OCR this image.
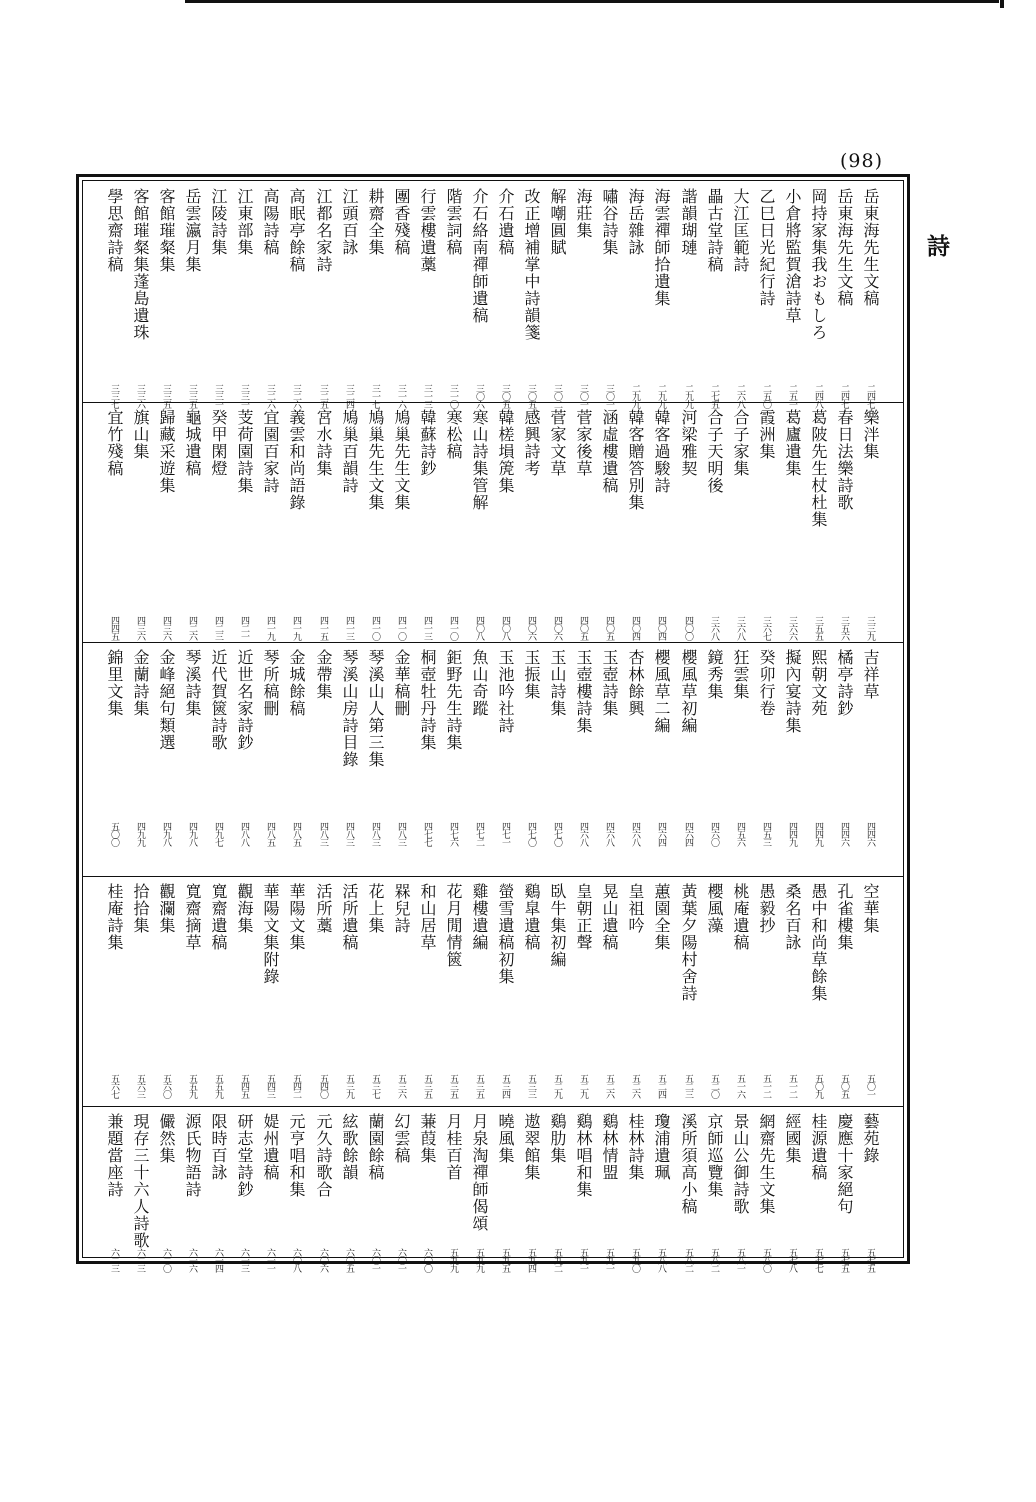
(98)
詩
岳東海先生文稿
二四七
岳東海先生文稿
二四七
岡持家集我おもしろ
二四八
小倉將監賀滄詩草
二五一
乙巳日光紀行詩
二五〇
大江匡範詩
二六八
畾古堂詩稿
二七五
諧韻瑚璉
二九九
海雲禪師拾遺集
二九九
海岳雜詠
二九九
嘯谷詩集
三〇一
海莊集
三〇一
解嘲圓賦
三〇二
改正增補掌中詩韻箋
三〇五
介石遺稿
三〇五
介石絡南禪師遺稿
三〇六
階雲詞稿
三一〇
行雲樓遺藁
三一三
團香殘稿
三一六
耕齋全集
三一七
江頭百詠
三二四
江都名家詩
三二五
高眠亭餘稿
三二六
高陽詩稿
三二六
江東部集
三三一
江陵詩集
三三一
岳雲瀛月集
三三五
客館璀粲集
三三五
客館璀粲集蓬島遺珠
三三六
學思齋詩稿
三三七
樂泮集
三三九
春日法樂詩歌
三五六
葛陂先生杖杜集
三五五
葛廬遺集
三六六
霞洲集
三六七
合子家集
三六八
合子天明後
三六八
河梁雅契
四〇〇
韓客過駿詩
四〇四
韓客贈答別集
四〇四
涵虛樓遺稿
四〇五
菅家後草
四〇五
菅家文草
四〇六
感興詩考
四〇六
韓槎塤箎集
四〇八
寒山詩集管解
四〇八
寒松稿
四一〇
韓蘇詩鈔
四一三
鳩巢先生文集
四一〇
鳩巢先生文集
四一〇
鳩巢百韻詩
四一三
宮水詩集
四一五
義雲和尚語錄
四一九
宜園百家詩
四一九
芰荷園詩集
四二一
癸甲閑燈
四二三
龜城遺稿
四二六
歸藏采遊集
四三六
旗山集
四三六
宜竹殘稿
四四五
吉祥草
四四六
橘亭詩鈔
四四六
熙朝文苑
四四九
擬內宴詩集
四四九
癸卯行卷
四五三
狂雲集
四五六
鏡秀集
四六〇
櫻風草初編
四六四
櫻風草二編
四六四
杏林餘興
四六八
玉壺詩集
四六八
玉壺樓詩集
四六八
玉山詩集
四七〇
玉振集
四七〇
玉池吟社詩
四七一
魚山奇蹤
四七二
鉅野先生詩集
四七六
桐壺牡丹詩集
四七七
金華稿刪
四八三
琴溪山人第三集
四八三
琴溪山房詩目錄
四八三
金帶集
四八三
金城餘稿
四八五
琴所稿刪
四八五
近世名家詩鈔
四八八
近代賀篋詩歌
四九七
琴溪詩集
四九八
金峰絕句類選
四九八
金蘭詩集
四九九
錦里文集
五〇〇
空華集
五〇一
孔雀樓集
五〇五
愚中和尚草餘集
五〇九
桑名百詠
五一二
愚毅抄
五一二
桃庵遺稿
五一六
櫻風藻
五二〇
黃葉夕陽村舍詩
五二三
蕙園全集
五二四
皇祖吟
五二六
晃山遺稿
五二六
皇朝正聲
五二九
臥牛集初編
五二九
鷄皐遺稿
五三三
螢雪遺稿初集
五三四
雞樓遺編
五三五
花月閒情篋
五三五
和山居草
五三五
槑兒詩
五三六
花上集
五三七
活所遺稿
五三九
活所藁
五四〇
華陽文集
五四二
華陽文集附錄
五四三
觀海集
五四五
寬齋遺稿
五五九
寬齋摘草
五五九
觀瀾集
五六〇
拾拾集
五六三
桂庵詩集
五六七
藝苑錄
五七五
慶應十家絕句
五七五
桂源遺稿
五七七
經國集
五七八
網齋先生文集
五八〇
景山公御詩歌
五八一
京師巡覽集
五八二
溪所須高小稿
五八二
瓊浦遺珮
五八八
桂林詩集
五九〇
鷄林情盟
五九一
鷄林唱和集
五九一
鷄肋集
五九二
遨翠館集
五九四
曉風集
五九五
月泉淘禪師偈頌
五九九
月桂百首
五九九
蒹葭集
六〇〇
幻雲稿
六〇一
蘭園餘稿
六〇一
絃歌餘韻
六〇五
元久詩歌合
六〇六
元亨唱和集
六〇八
媞州遺稿
六一一
研志堂詩鈔
六一三
限時百詠
六一四
源氏物語詩
六一六
儼然集
六二〇
現存三十六人詩歌
六二三
兼題當座詩
六二三
